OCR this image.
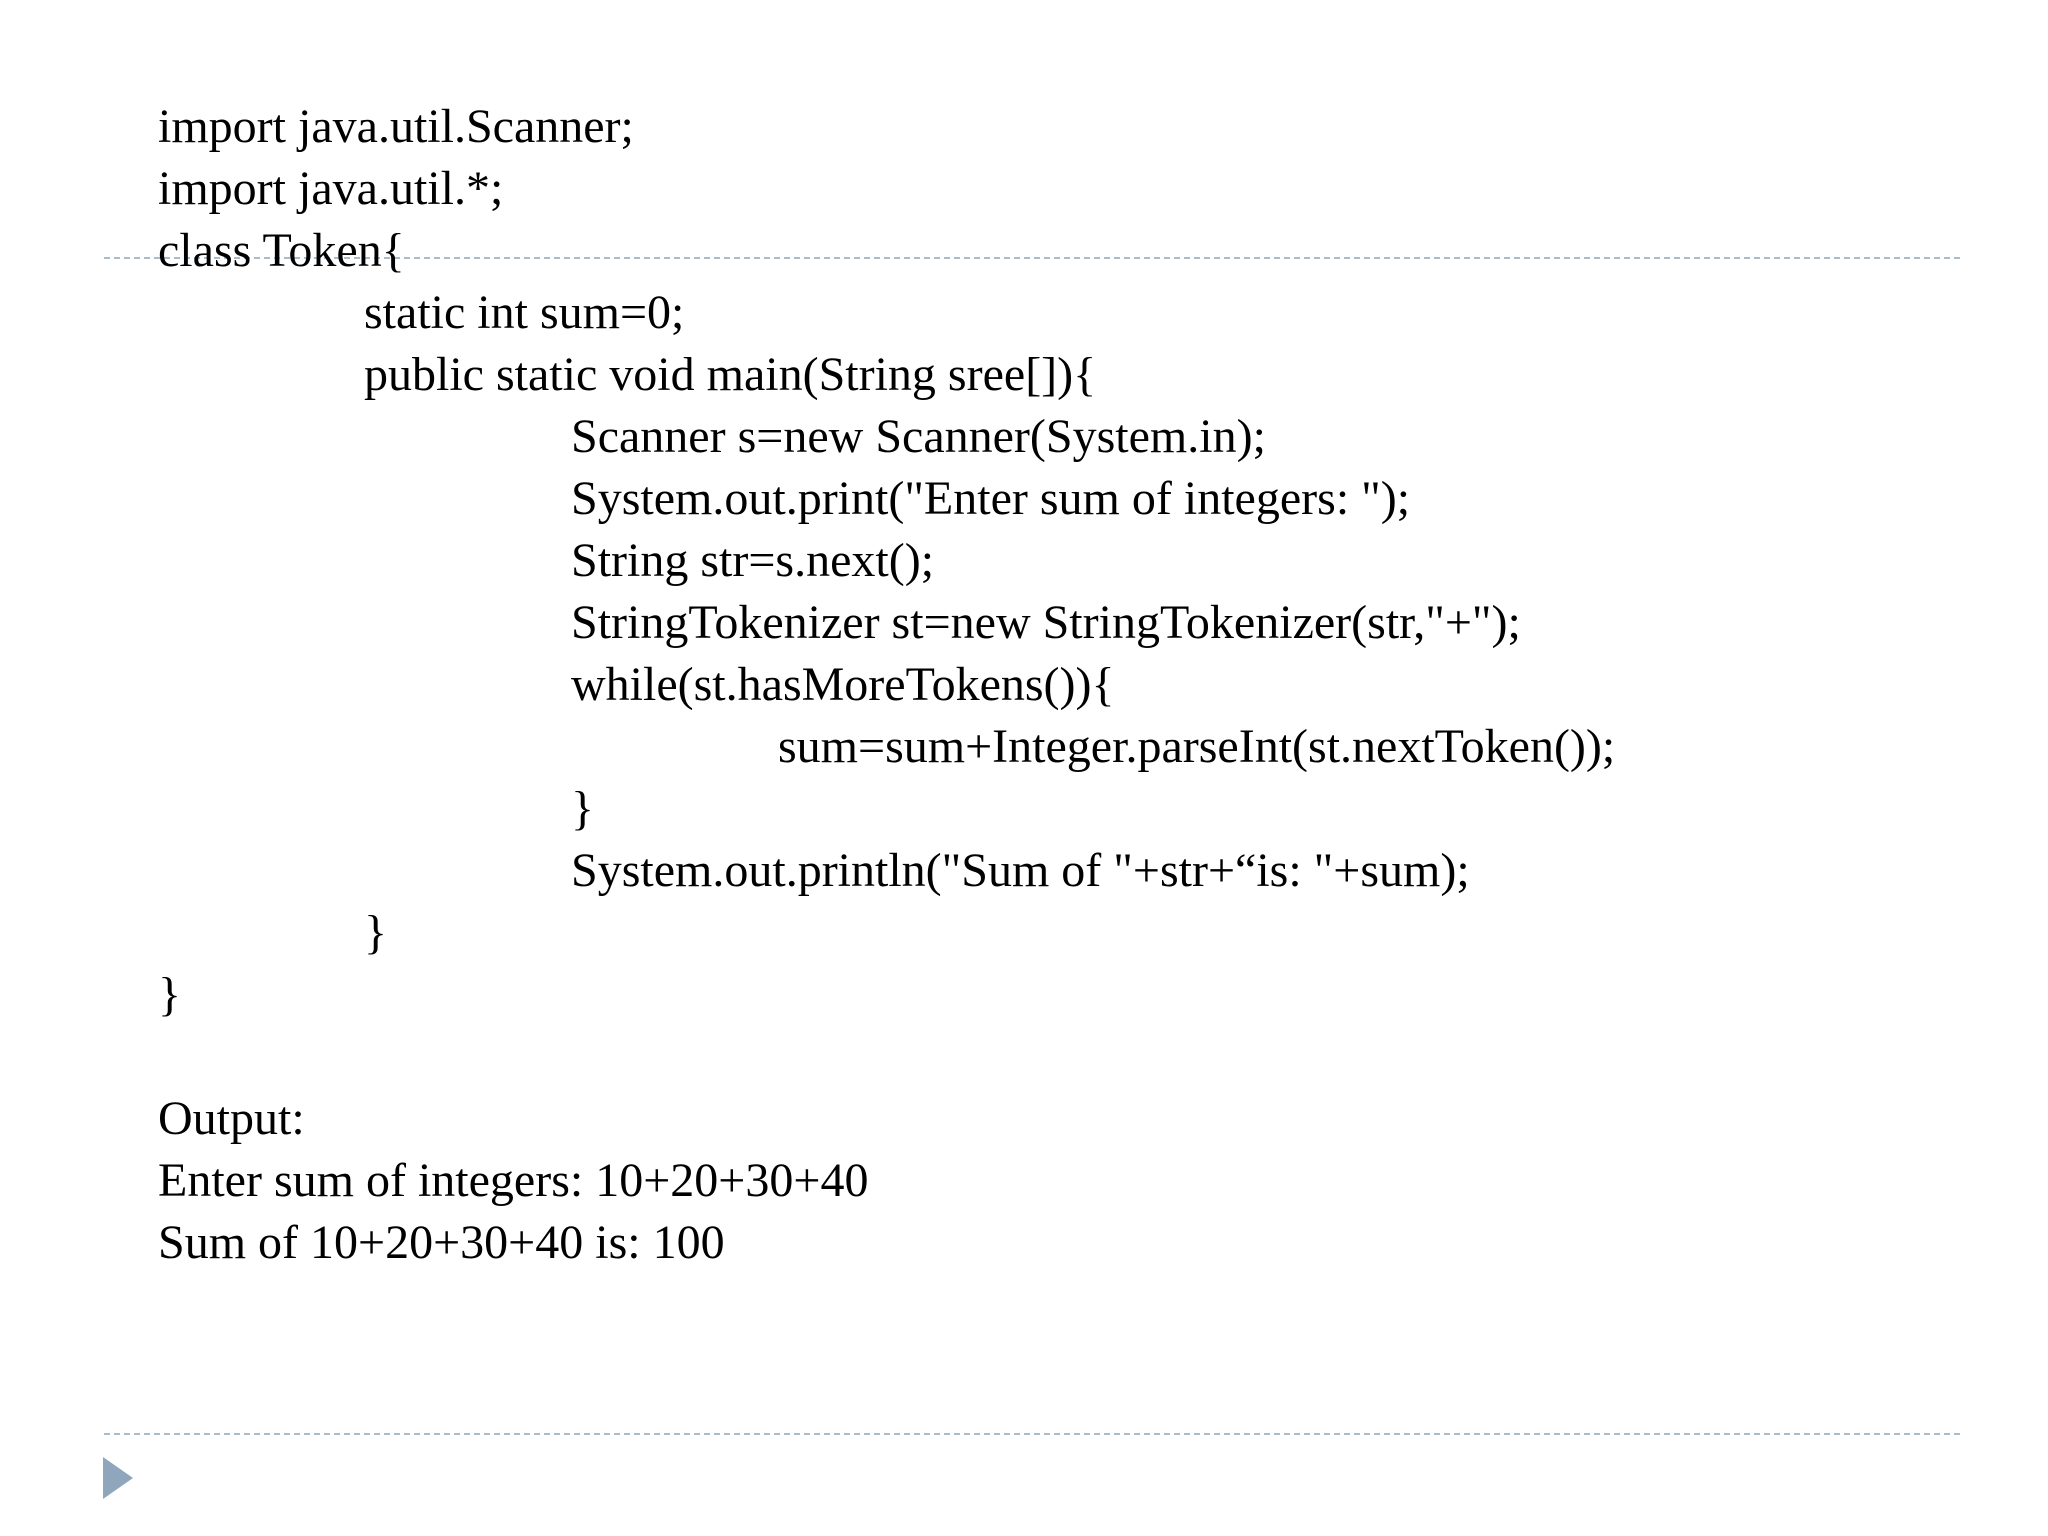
import java.util.Scanner;
import java.util.*;
class Token{
static int sum=0;
public static void main(String sree[]){
Scanner s=new Scanner(System.in);
System.out.print("Enter sum of integers: ");
String str=s.next();
StringTokenizer st=new StringTokenizer(str,"+");
while(st.hasMoreTokens()){
sum=sum+Integer.parseInt(st.nextToken());
}
System.out.println("Sum of "+str+“is: "+sum);
}
}
Output:
Enter sum of integers: 10+20+30+40
Sum of 10+20+30+40 is: 100
